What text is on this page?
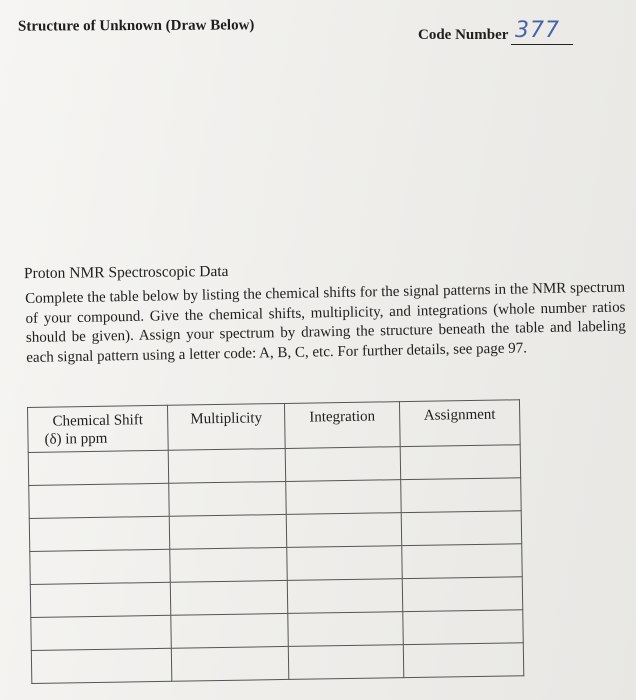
Structure of Unknown (Draw Below)
Code Number 377
Proton NMR Spectroscopic Data
Complete the table below by listing the chemical shifts for the signal patterns in the NMR spectrum of your compound. Give the chemical shifts, multiplicity, and integrations (whole number ratios should be given). Assign your spectrum by drawing the structure beneath the table and labeling each signal pattern using a letter code: A, B, C, etc. For further details, see page 97.
Chemical Shift
(δ) in ppm	Multiplicity	Integration	Assignment
